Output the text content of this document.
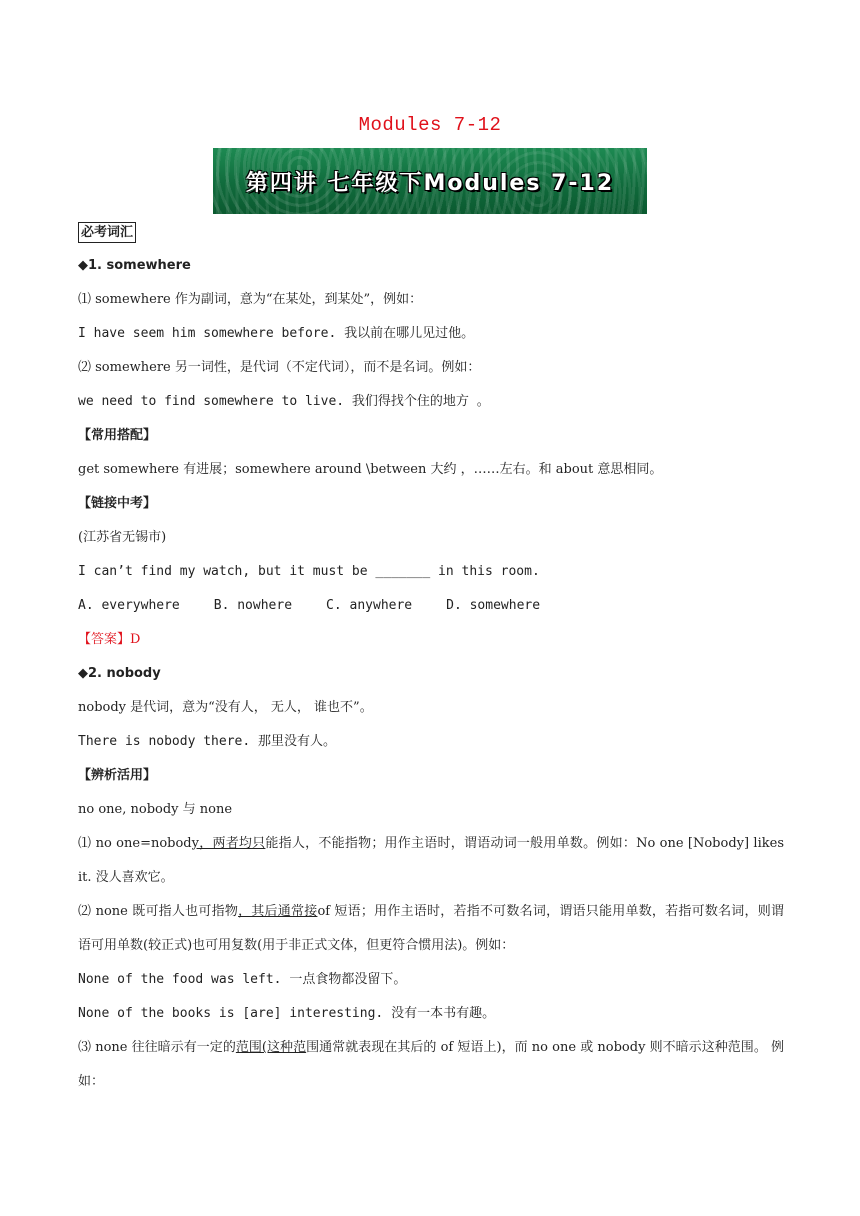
Modules 7-12
第四讲 七年级下Modules 7-12

必考词汇

◆1. somewhere

⑴ somewhere 作为副词，意为“在某处，到某处”，例如：

I have seem him somewhere before. 我以前在哪儿见过他。

⑵ somewhere 另一词性，是代词（不定代词），而不是名词。例如：

we need to find somewhere to live. 我们得找个住的地方 。

【常用搭配】

get somewhere 有进展；somewhere around \between 大约 ，……左右。和 about 意思相同。

【链接中考】

(江苏省无锡市)

I can’t find my watch, but it must be _______ in this room.

A. everywhere	B. nowhere	C. anywhere	D. somewhere

【答案】D

◆2. nobody

nobody 是代词，意为“没有人， 无人， 谁也不”。

There is nobody there. 那里没有人。

【辨析活用】

no one, nobody 与 none

⑴ no one=nobody，两者均只能指人，不能指物；用作主语时，谓语动词一般用单数。例如：No one [Nobody] likes it. 没人喜欢它。

⑵ none 既可指人也可指物，其后通常接of 短语；用作主语时，若指不可数名词，谓语只能用单数，若指可数名词，则谓语可用单数(较正式)也可用复数(用于非正式文体，但更符合惯用法)。例如：

None of the food was left. 一点食物都没留下。

None of the books is [are] interesting. 没有一本书有趣。

⑶ none 往往暗示有一定的范围(这种范围通常就表现在其后的 of 短语上)，而 no one 或 nobody 则不暗示这种范围。 例如：
